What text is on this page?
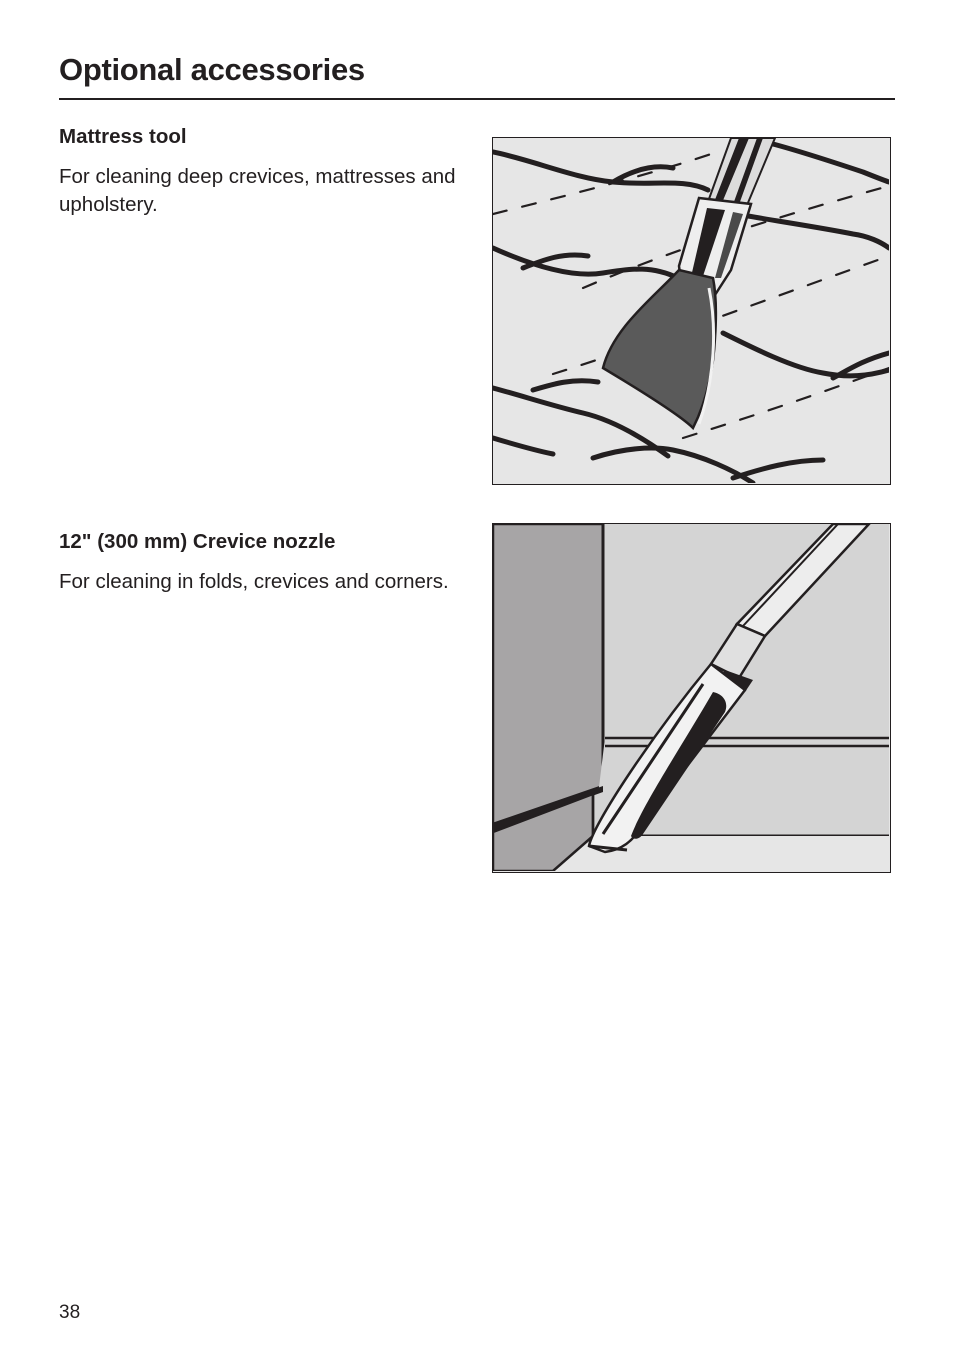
Optional accessories
Mattress tool

For cleaning deep crevices, mattresses and upholstery.

12" (300 mm) Crevice nozzle

For cleaning in folds, crevices and corners.

38
